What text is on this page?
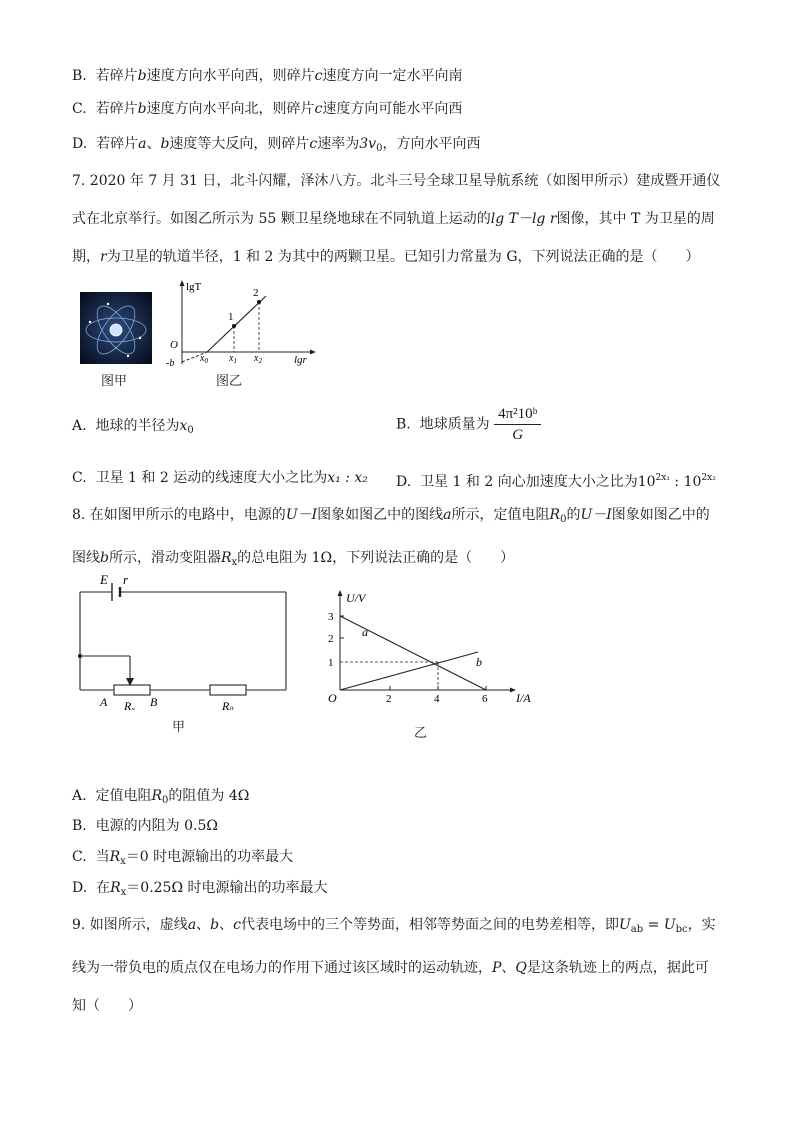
B. 若碎片b速度方向水平向西，则碎片c速度方向一定水平向南
C. 若碎片b速度方向水平向北，则碎片c速度方向可能水平向西
D. 若碎片a、b速度等大反向，则碎片c速率为$3v_0$，方向水平向西
7. 2020 年 7 月 31 日，北斗闪耀，泽沐八方。北斗三号全球卫星导航系统（如图甲所示）建成暨开通仪式在北京举行。如图乙所示为 55 颗卫星绕地球在不同轨道上运动的lg T－lg r图像，其中 T 为卫星的周期，r为卫星的轨道半径，1 和 2 为其中的两颗卫星。已知引力常量为 G，下列说法正确的是（　　）
图甲
lgT
lgr
O
-b	$x_0$ $x_1$ $x_2$
1
2
图乙
A. 地球的半径为$x_0$	B. 地球质量为 $\frac{\text{4π²10ᵇ}}{G}$
C. 卫星 1 和 2 运动的线速度大小之比为x₁ : x₂ D. 卫星 1 和 2 向心加速度大小之比为$10^{2x_1}$ : $10^{2x_2}$
8. 在如图甲所示的电路中，电源的U－I图象如图乙中的图线a所示，定值电阻$R_0$的U－I图象如图乙中的图线b所示，滑动变阻器$R_x$的总电阻为 1Ω，下列说法正确的是（　　）
E r
A	B
Rx	R0
甲
U/V
I/A
O
1
2
3
2	4	6
a
b
乙
A. 定值电阻$R_0$的阻值为 4Ω
B. 电源的内阻为 0.5Ω
C. 当$R_x=0$ 时电源输出的功率最大
D. 在$R_x=0.25\Omega$ 时电源输出的功率最大
9. 如图所示，虚线a、b、c代表电场中的三个等势面，相邻等势面之间的电势差相等，即$U_{ab} = U_{bc}$，实线为一带负电的质点仅在电场力的作用下通过该区域时的运动轨迹，P、Q是这条轨迹上的两点，据此可知（　　）
